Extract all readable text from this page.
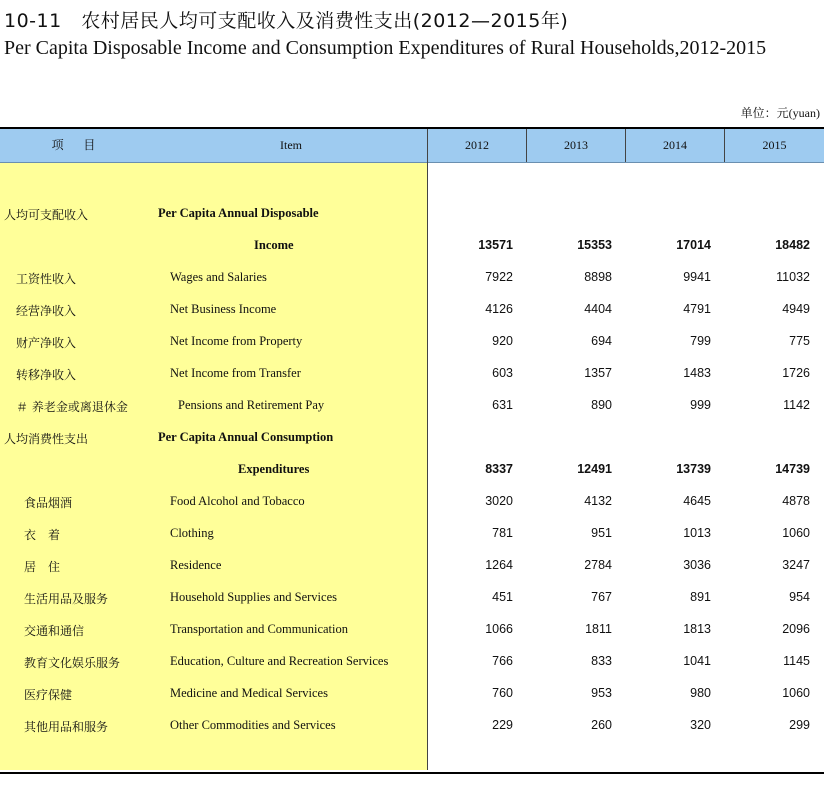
10-11　农村居民人均可支配收入及消费性支出(2012—2015年)
Per Capita Disposable Income and Consumption Expenditures of Rural Households,2012-2015
单位：元(yuan)
项 目	Item	2012	2013	2014	2015
人均可支配收入	Per Capita Annual Disposable
Income	13571	15353	17014	18482
工资性收入	Wages and Salaries	7922	8898	9941	11032
经营净收入	Net Business Income	4126	4404	4791	4949
财产净收入	Net Income from Property	920	694	799	775
转移净收入	Net Income from Transfer	603	1357	1483	1726
＃ 养老金或离退休金	Pensions and Retirement Pay	631	890	999	1142
人均消费性支出	Per Capita Annual Consumption
Expenditures	8337	12491	13739	14739
食品烟酒	Food Alcohol and Tobacco	3020	4132	4645	4878
衣　着	Clothing	781	951	1013	1060
居　住	Residence	1264	2784	3036	3247
生活用品及服务	Household Supplies and Services	451	767	891	954
交通和通信	Transportation and Communication	1066	1811	1813	2096
教育文化娱乐服务	Education, Culture and Recreation Services	766	833	1041	1145
医疗保健	Medicine and Medical Services	760	953	980	1060
其他用品和服务	Other Commodities and Services	229	260	320	299
